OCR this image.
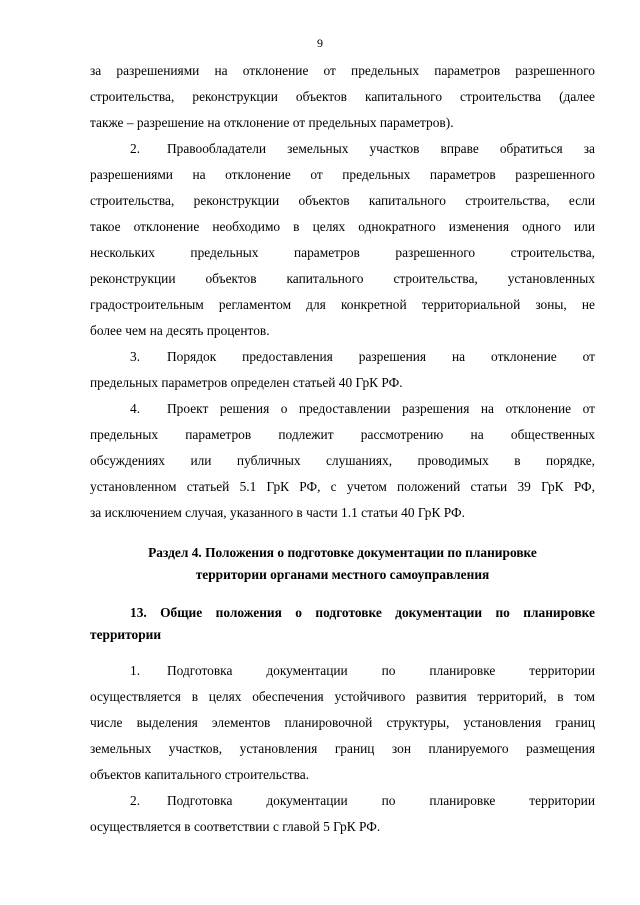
9
за разрешениями на отклонение от предельных параметров разрешенного
строительства, реконструкции объектов капитального строительства (далее
также – разрешение на отклонение от предельных параметров).
2. Правообладатели земельных участков вправе обратиться за
разрешениями на отклонение от предельных параметров разрешенного
строительства, реконструкции объектов капитального строительства, если
такое отклонение необходимо в целях однократного изменения одного или
нескольких предельных параметров разрешенного строительства,
реконструкции объектов капитального строительства, установленных
градостроительным регламентом для конкретной территориальной зоны, не
более чем на десять процентов.
3. Порядок предоставления разрешения на отклонение от
предельных параметров определен статьей 40 ГрК РФ.
4. Проект решения о предоставлении разрешения на отклонение от
предельных параметров подлежит рассмотрению на общественных
обсуждениях или публичных слушаниях, проводимых в порядке,
установленном статьей 5.1 ГрК РФ, с учетом положений статьи 39 ГрК РФ,
за исключением случая, указанного в части 1.1 статьи 40 ГрК РФ.
Раздел 4. Положения о подготовке документации по планировке
территории органами местного самоуправления
13. Общие положения о подготовке документации по планировке
территории
1. Подготовка документации по планировке территории
осуществляется в целях обеспечения устойчивого развития территорий, в том
числе выделения элементов планировочной структуры, установления границ
земельных участков, установления границ зон планируемого размещения
объектов капитального строительства.
2. Подготовка документации по планировке территории
осуществляется в соответствии с главой 5 ГрК РФ.
